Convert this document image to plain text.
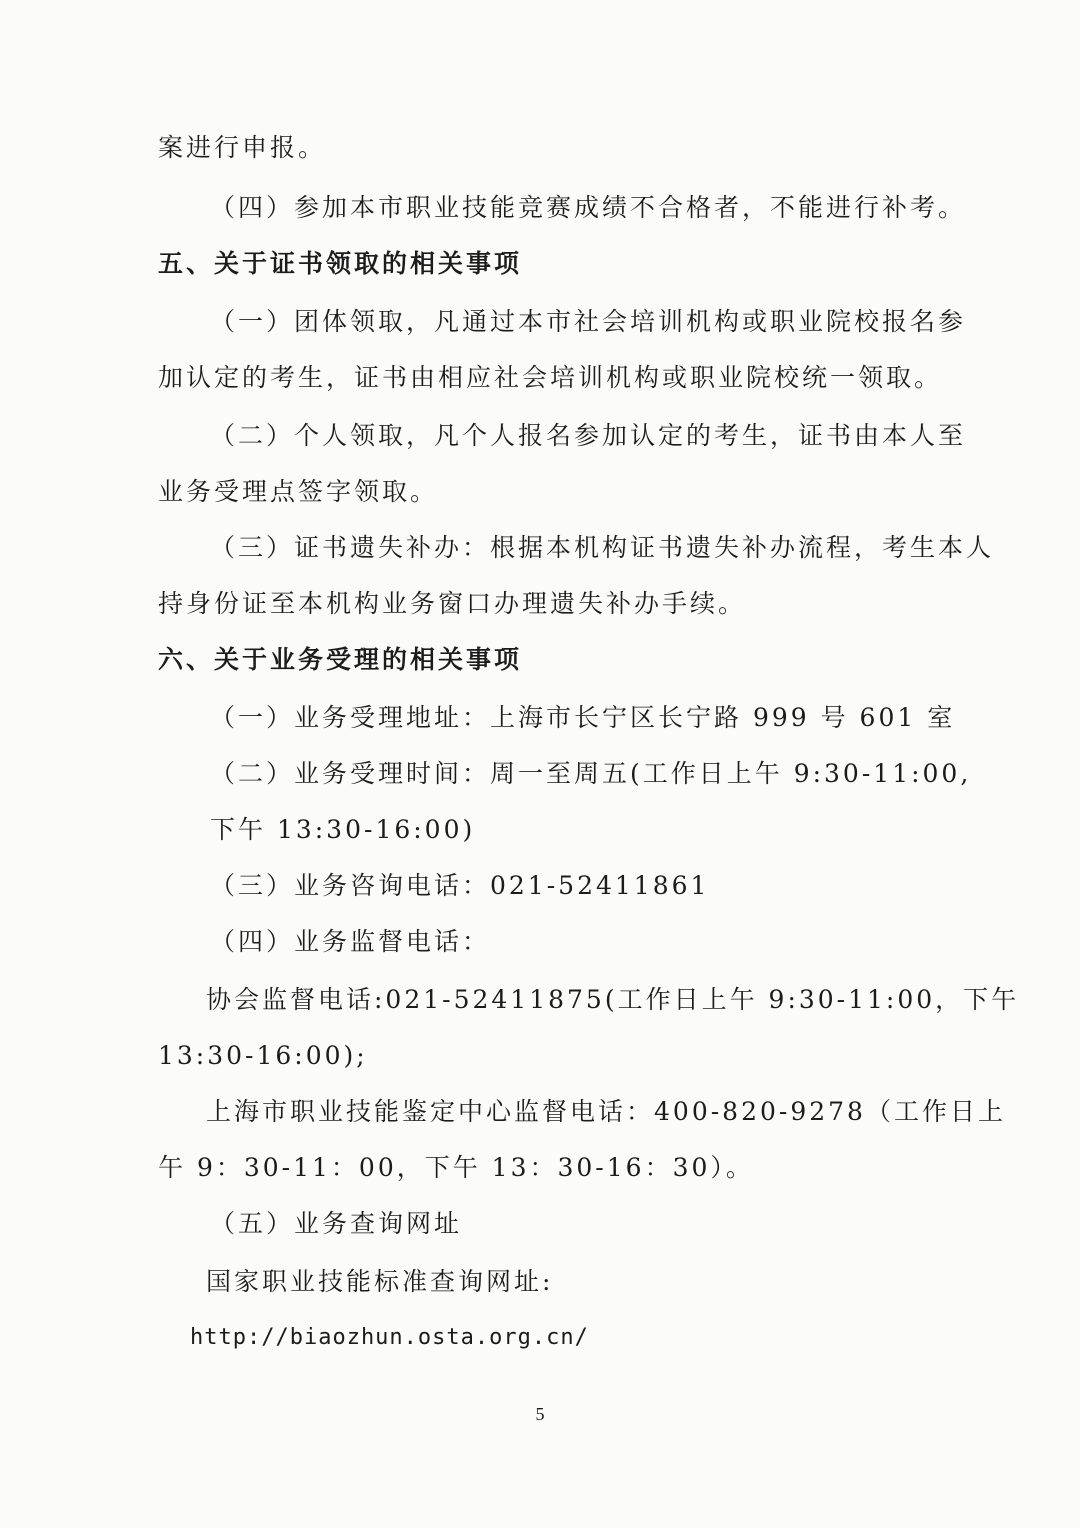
案进行申报。
（四）参加本市职业技能竞赛成绩不合格者，不能进行补考。
五、关于证书领取的相关事项
（一）团体领取，凡通过本市社会培训机构或职业院校报名参
加认定的考生，证书由相应社会培训机构或职业院校统一领取。
（二）个人领取，凡个人报名参加认定的考生，证书由本人至
业务受理点签字领取。
（三）证书遗失补办：根据本机构证书遗失补办流程，考生本人
持身份证至本机构业务窗口办理遗失补办手续。
六、关于业务受理的相关事项
（一）业务受理地址：上海市长宁区长宁路 999 号 601 室
（二）业务受理时间：周一至周五(工作日上午 9:30-11:00,
下午 13:30-16:00)
（三）业务咨询电话：021-52411861
（四）业务监督电话：
协会监督电话:021-52411875(工作日上午 9:30-11:00，下午
13:30-16:00);
上海市职业技能鉴定中心监督电话：400-820-9278（工作日上
午 9：30-11：00，下午 13：30-16：30）。
（五）业务查询网址
国家职业技能标准查询网址:
http://biaozhun.osta.org.cn/
5
